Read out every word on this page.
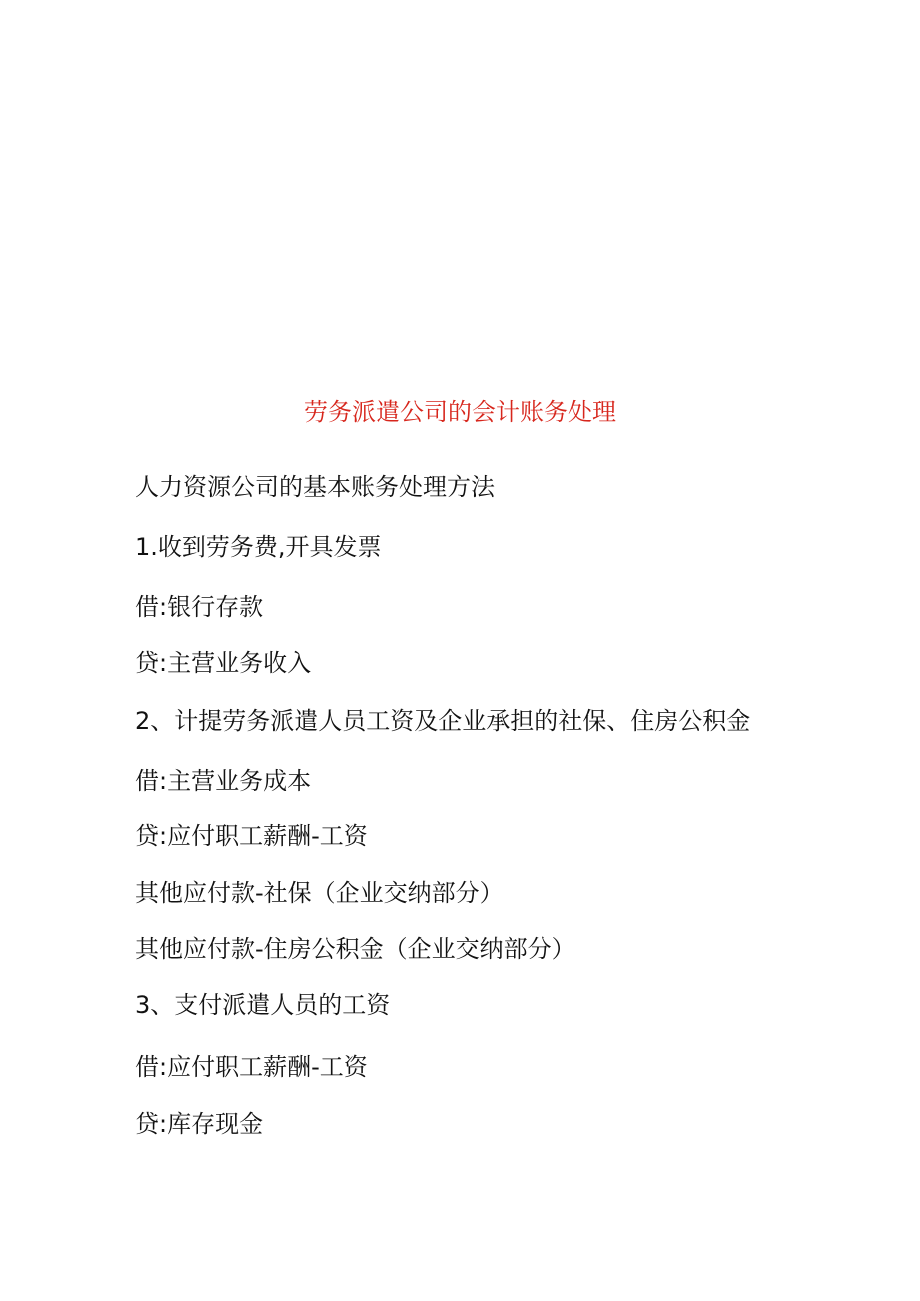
劳务派遣公司的会计账务处理
人力资源公司的基本账务处理方法
1.收到劳务费,开具发票
借:银行存款
贷:主营业务收入
2、计提劳务派遣人员工资及企业承担的社保、住房公积金
借:主营业务成本
贷:应付职工薪酬-工资
其他应付款-社保（企业交纳部分）
其他应付款-住房公积金（企业交纳部分）
3、支付派遣人员的工资
借:应付职工薪酬-工资
贷:库存现金
